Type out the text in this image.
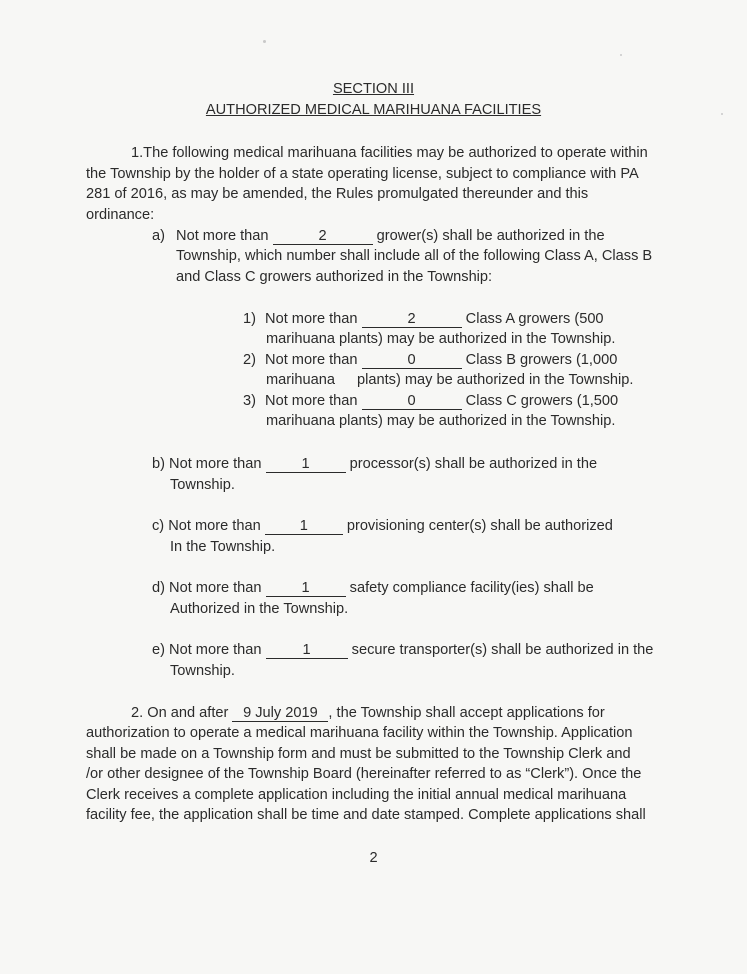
SECTION III
AUTHORIZED MEDICAL MARIHUANA FACILITIES
1.The following medical marihuana facilities may be authorized to operate within
the Township by the holder of a state operating license, subject to compliance with PA
281 of 2016, as may be amended, the Rules promulgated thereunder and this
ordinance:
a) Not more than	2	grower(s) shall be authorized in the
Township, which number shall include all of the following Class A, Class B
and Class C growers authorized in the Township:
1) Not more than	2	Class A growers (500
marihuana plants) may be authorized in the Township.
2) Not more than	0	Class B growers (1,000
marihuana plants) may be authorized in the Township.
3) Not more than	0	Class C growers (1,500
marihuana plants) may be authorized in the Township.
b) Not more than	1	processor(s) shall be authorized in the
Township.
c) Not more than	1	provisioning center(s) shall be authorized
In the Township.
d) Not more than	1	safety compliance facility(ies) shall be
Authorized in the Township.
e) Not more than	1	secure transporter(s) shall be authorized in the
Township.
2. On and after 9 July 2019 , the Township shall accept applications for
authorization to operate a medical marihuana facility within the Township. Application
shall be made on a Township form and must be submitted to the Township Clerk and
/or other designee of the Township Board (hereinafter referred to as “Clerk”). Once the
Clerk receives a complete application including the initial annual medical marihuana
facility fee, the application shall be time and date stamped. Complete applications shall
2
